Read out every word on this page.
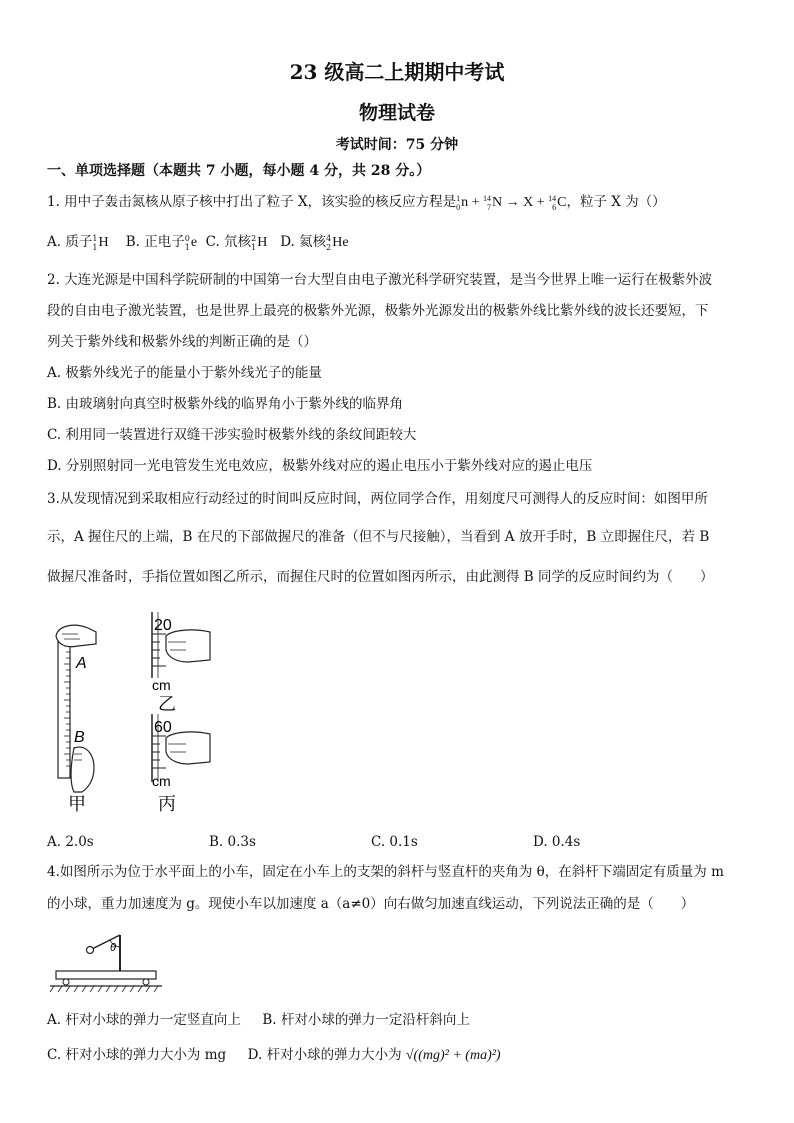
23 级高二上期期中考试
物理试卷
考试时间：75 分钟
一、单项选择题（本题共 7 小题，每小题 4 分，共 28 分。）
1. 用中子轰击氮核从原子核中打出了粒子 X，该实验的核反应方程是 1
0 n + 14
7 N → X + 14
6 C，粒子 X 为（）
A. 质子 1
1 H B. 正电子 0
1 e C. 氘核 2
1 H D. 氦核 4
2 He
2. 大连光源是中国科学院研制的中国第一台大型自由电子激光科学研究装置，是当今世界上唯一运行在极紫外波
段的自由电子激光装置，也是世界上最亮的极紫外光源，极紫外光源发出的极紫外线比紫外线的波长还要短，下
列关于紫外线和极紫外线的判断正确的是（）
A. 极紫外线光子的能量小于紫外线光子的能量
B. 由玻璃射向真空时极紫外线的临界角小于紫外线的临界角
C. 利用同一装置进行双缝干涉实验时极紫外线的条纹间距较大
D. 分别照射同一光电管发生光电效应，极紫外线对应的遏止电压小于紫外线对应的遏止电压
3.从发现情况到采取相应行动经过的时间叫反应时间，两位同学合作，用刻度尺可测得人的反应时间：如图甲所
示，A 握住尺的上端，B 在尺的下部做握尺的准备（但不与尺接触），当看到 A 放开手时，B 立即握住尺，若 B
做握尺准备时，手指位置如图乙所示，而握住尺时的位置如图丙所示，由此测得 B 同学的反应时间约为（　　）
A
B
甲
20
cm
乙
60
cm
丙
A. 2.0s	B. 0.3s	C. 0.1s	D. 0.4s
4.如图所示为位于水平面上的小车，固定在小车上的支架的斜杆与竖直杆的夹角为 θ，在斜杆下端固定有质量为 m
的小球，重力加速度为 g。现使小车以加速度 a（a≠0）向右做匀加速直线运动，下列说法正确的是（　　）
θ
A. 杆对小球的弹力一定竖直向上 B. 杆对小球的弹力一定沿杆斜向上
C. 杆对小球的弹力大小为 mg D. 杆对小球的弹力大小为 √((mg)² + (ma)²)
